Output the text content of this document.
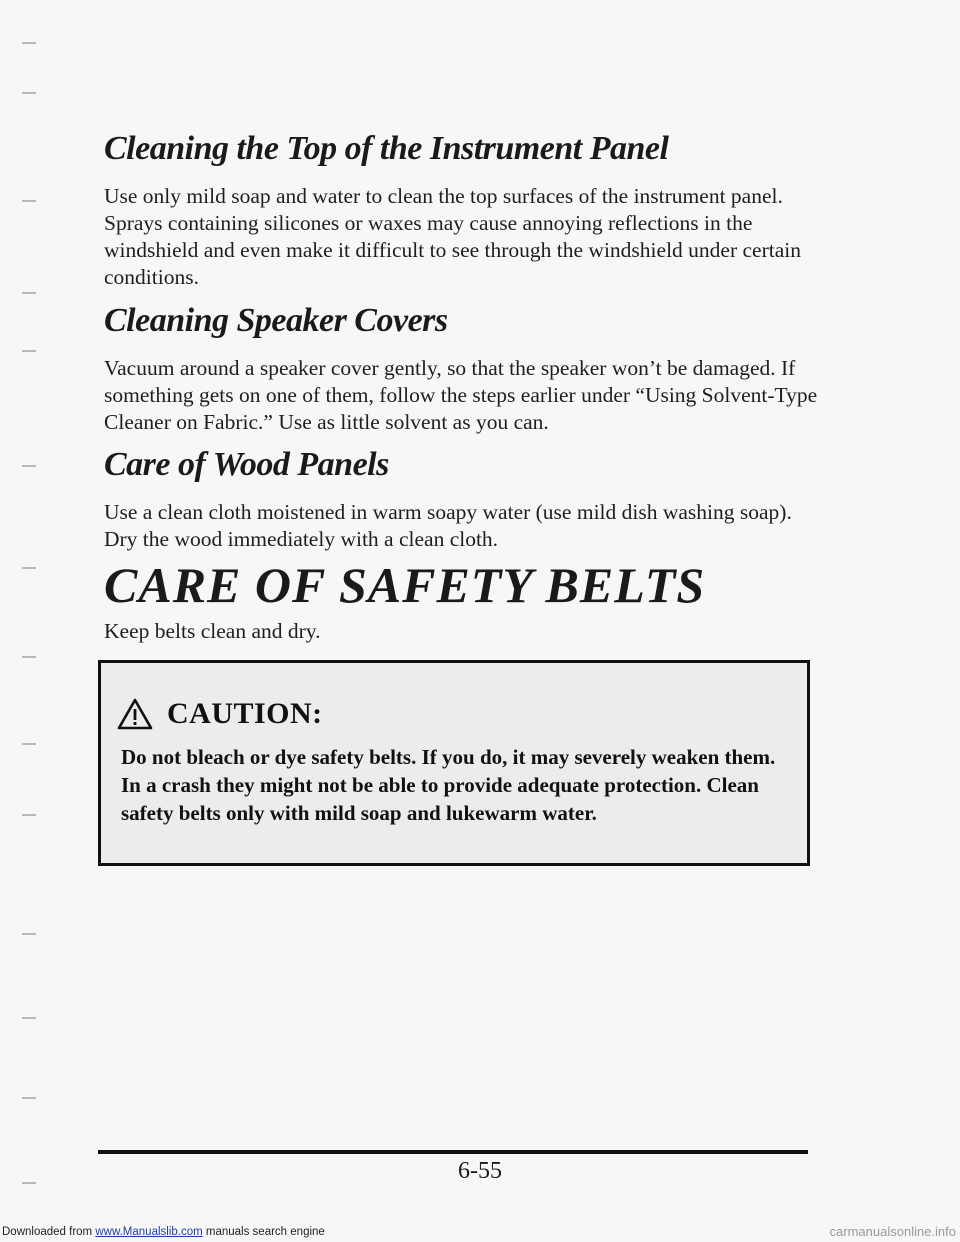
Cleaning the Top of the Instrument Panel

Use only mild soap and water to clean the top surfaces of the instrument panel. Sprays containing silicones or waxes may cause annoying reflections in the windshield and even make it difficult to see through the windshield under certain conditions.

Cleaning Speaker Covers

Vacuum around a speaker cover gently, so that the speaker won’t be damaged. If something gets on one of them, follow the steps earlier under “Using Solvent-Type Cleaner on Fabric.” Use as little solvent as you can.

Care of Wood Panels

Use a clean cloth moistened in warm soapy water (use mild dish washing soap). Dry the wood immediately with a clean cloth.

CARE OF SAFETY BELTS

Keep belts clean and dry.

CAUTION:

Do not bleach or dye safety belts. If you do, it may severely weaken them. In a crash they might not be able to provide adequate protection. Clean safety belts only with mild soap and lukewarm water.

6-55

Downloaded from www.Manualslib.com manuals search engine	carmanualsonline.info
